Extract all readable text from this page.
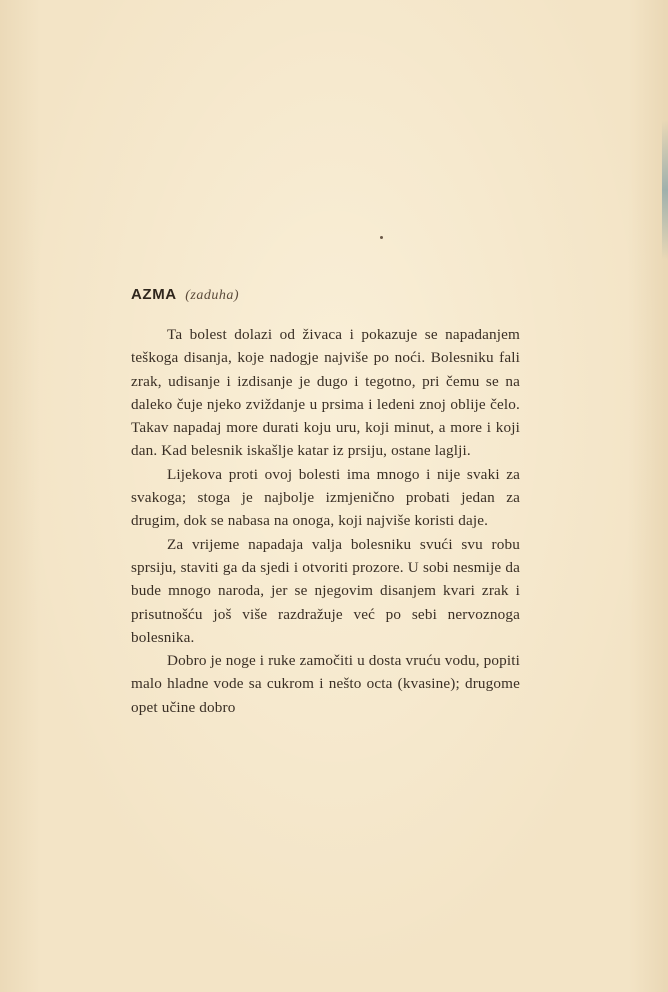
AZMA (zaduha)

Ta bolest dolazi od živaca i pokazuje se napadanjem teškoga disanja, koje nadogje najviše po noći. Bolesniku fali zrak, udisanje i izdisanje je dugo i tegotno, pri čemu se na daleko čuje njeko zviždanje u prsima i ledeni znoj oblije čelo. Takav napadaj more durati koju uru, koji minut, a more i koji dan. Kad belesnik iskašlje katar iz prsiju, ostane laglji.

Lijekova proti ovoj bolesti ima mnogo i nije svaki za svakoga; stoga je najbolje izmjenično probati jedan za drugim, dok se nabasa na onoga, koji najviše koristi daje.

Za vrijeme napadaja valja bolesniku svući svu robu sprsiju, staviti ga da sjedi i otvoriti prozore. U sobi nesmije da bude mnogo naroda, jer se njegovim disanjem kvari zrak i prisutnošću još više razdražuje već po sebi nervoznoga bolesnika.

Dobro je noge i ruke zamočiti u dosta vruću vodu, popiti malo hladne vode sa cukrom i nešto octa (kvasine); drugome opet učine dobro
